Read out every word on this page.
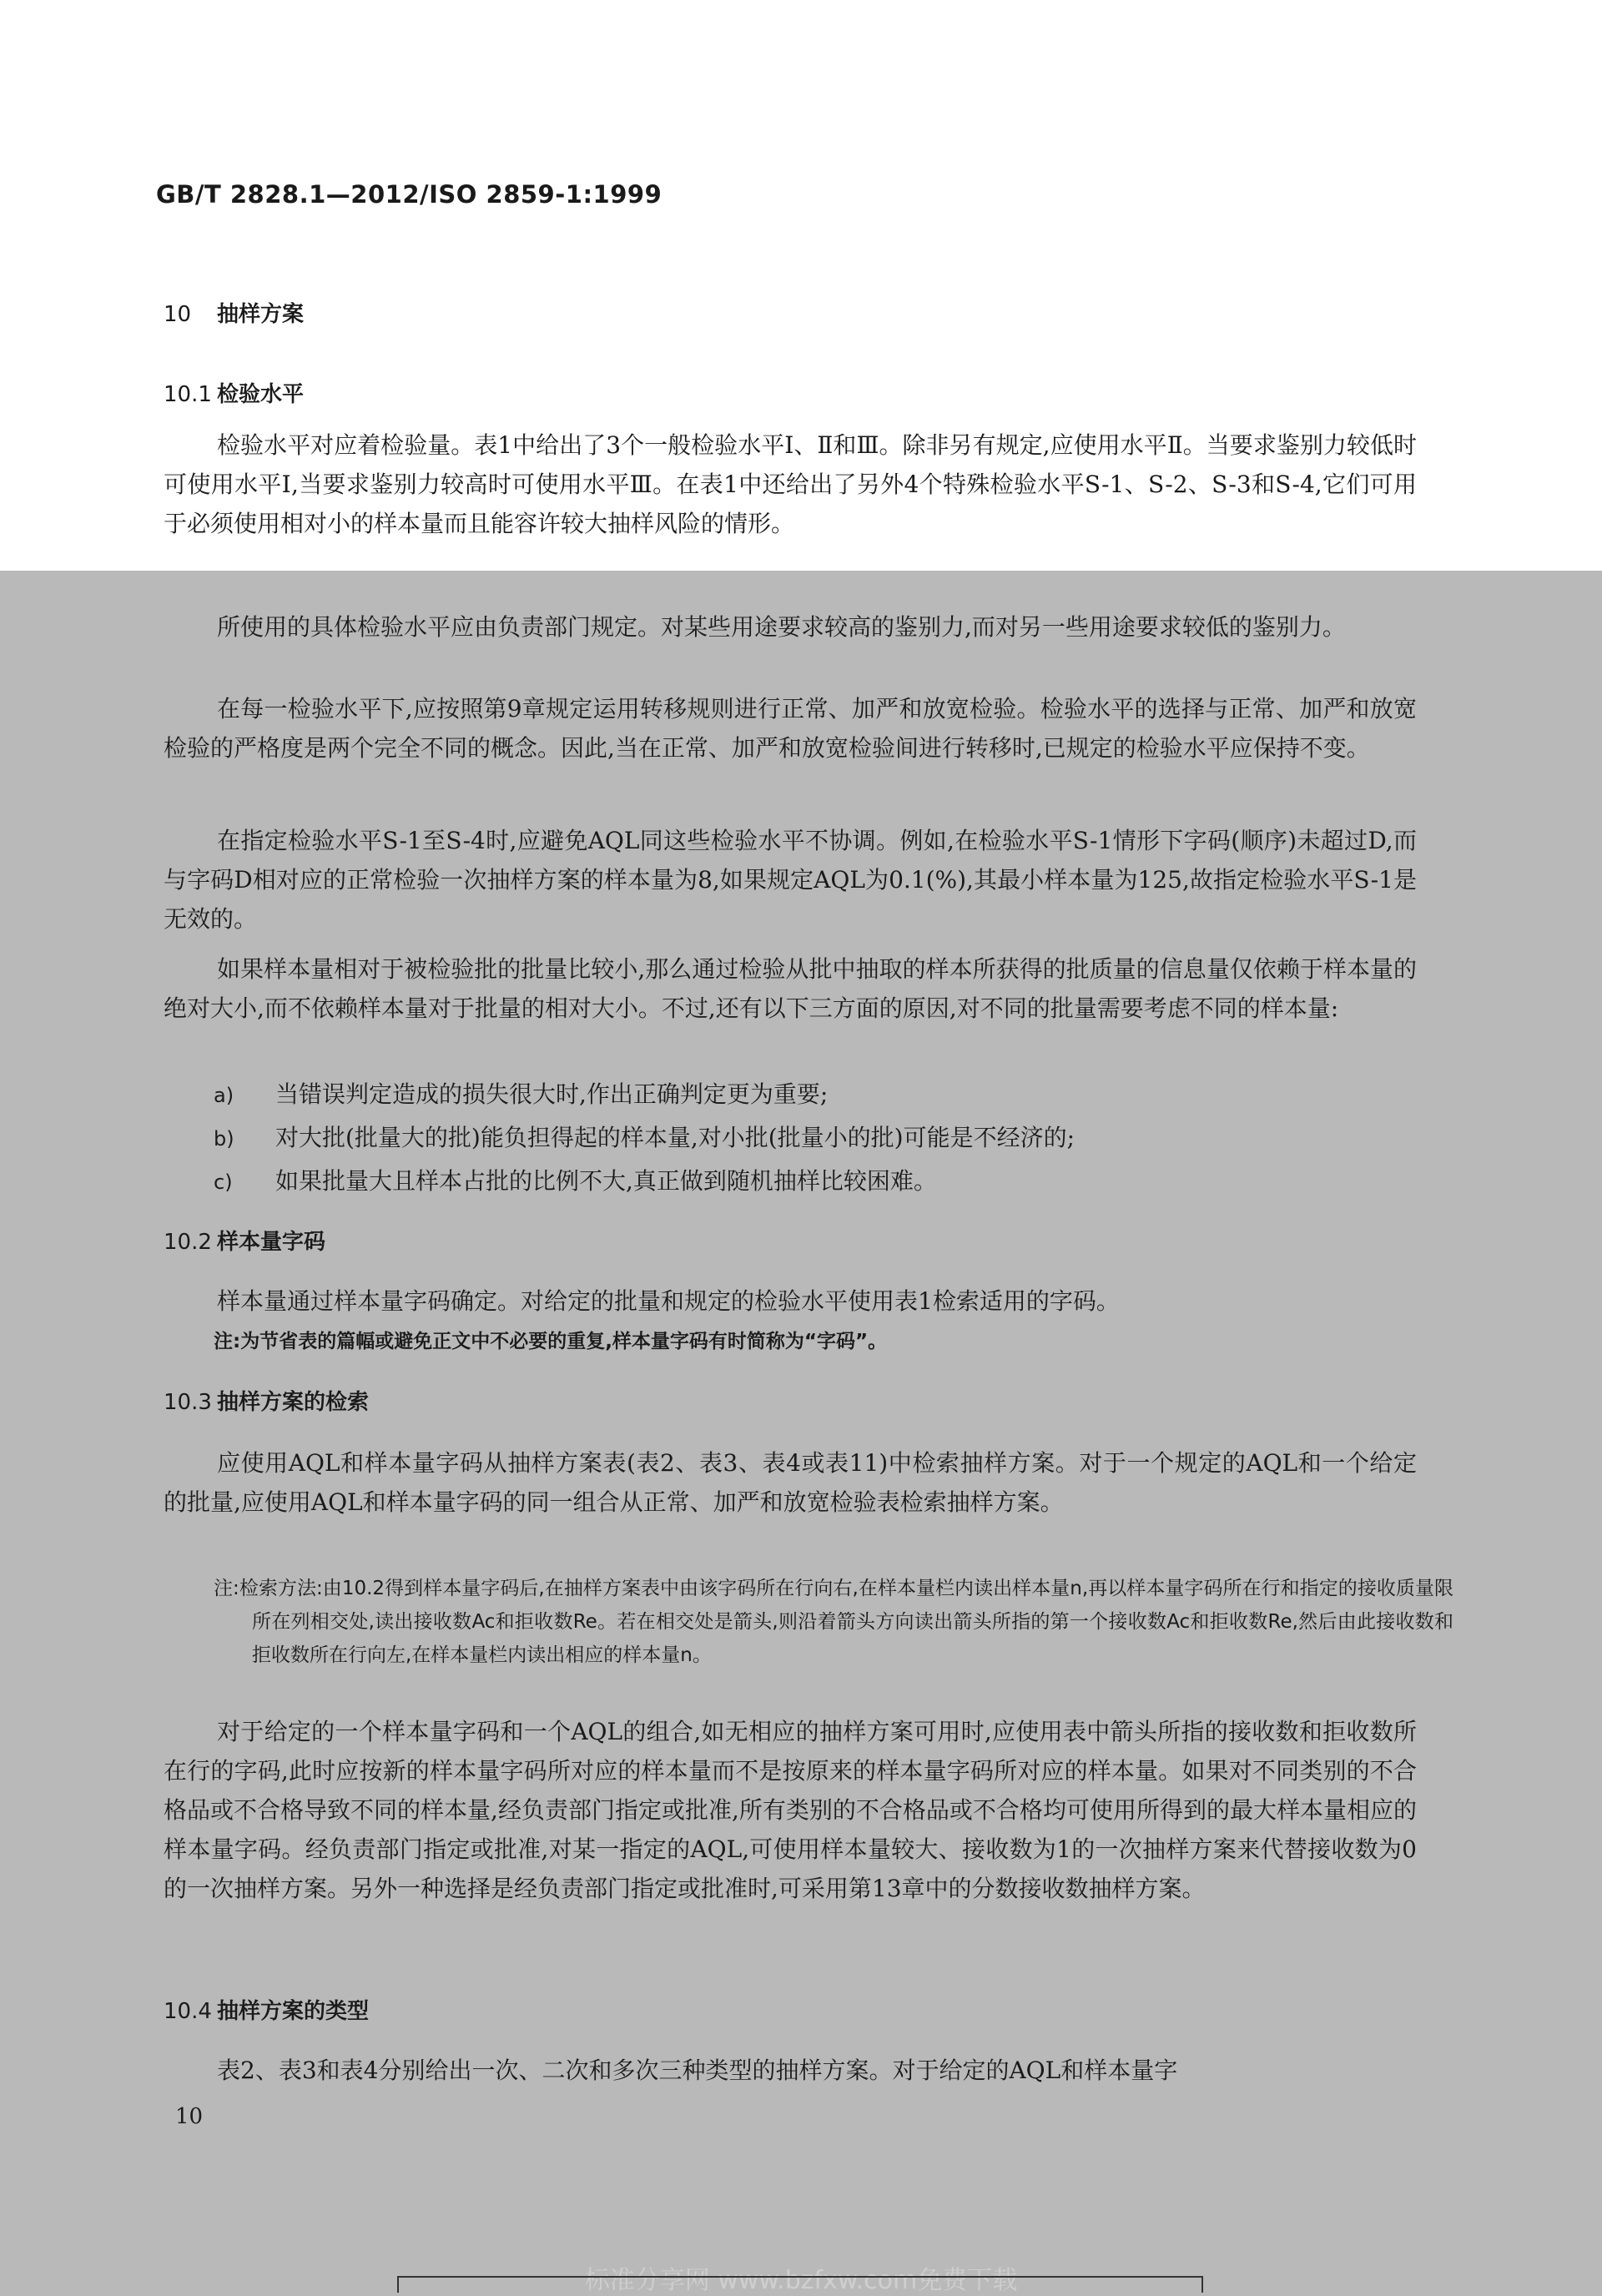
GB/T 2828.1—2012/ISO 2859-1:1999
10 抽样方案
10.1 检验水平

检验水平对应着检验量。表1中给出了3个一般检验水平Ⅰ、Ⅱ和Ⅲ。除非另有规定,应使用水平Ⅱ。当要求鉴别力较低时可使用水平Ⅰ,当要求鉴别力较高时可使用水平Ⅲ。在表1中还给出了另外4个特殊检验水平S-1、S-2、S-3和S-4,它们可用于必须使用相对小的样本量而且能容许较大抽样风险的情形。

所使用的具体检验水平应由负责部门规定。对某些用途要求较高的鉴别力,而对另一些用途要求较低的鉴别力。

在每一检验水平下,应按照第9章规定运用转移规则进行正常、加严和放宽检验。检验水平的选择与正常、加严和放宽检验的严格度是两个完全不同的概念。因此,当在正常、加严和放宽检验间进行转移时,已规定的检验水平应保持不变。

在指定检验水平S-1至S-4时,应避免AQL同这些检验水平不协调。例如,在检验水平S-1情形下字码(顺序)未超过D,而与字码D相对应的正常检验一次抽样方案的样本量为8,如果规定AQL为0.1(%),其最小样本量为125,故指定检验水平S-1是无效的。

如果样本量相对于被检验批的批量比较小,那么通过检验从批中抽取的样本所获得的批质量的信息量仅依赖于样本量的绝对大小,而不依赖样本量对于批量的相对大小。不过,还有以下三方面的原因,对不同的批量需要考虑不同的样本量:

a) 当错误判定造成的损失很大时,作出正确判定更为重要;

b) 对大批(批量大的批)能负担得起的样本量,对小批(批量小的批)可能是不经济的;

c) 如果批量大且样本占批的比例不大,真正做到随机抽样比较困难。

10.2 样本量字码

样本量通过样本量字码确定。对给定的批量和规定的检验水平使用表1检索适用的字码。

注:为节省表的篇幅或避免正文中不必要的重复,样本量字码有时简称为“字码”。

10.3 抽样方案的检索

应使用AQL和样本量字码从抽样方案表(表2、表3、表4或表11)中检索抽样方案。对于一个规定的AQL和一个给定的批量,应使用AQL和样本量字码的同一组合从正常、加严和放宽检验表检索抽样方案。

注:检索方法:由10.2得到样本量字码后,在抽样方案表中由该字码所在行向右,在样本量栏内读出样本量n,再以样本量字码所在行和指定的接收质量限所在列相交处,读出接收数Ac和拒收数Re。若在相交处是箭头,则沿着箭头方向读出箭头所指的第一个接收数Ac和拒收数Re,然后由此接收数和拒收数所在行向左,在样本量栏内读出相应的样本量n。

对于给定的一个样本量字码和一个AQL的组合,如无相应的抽样方案可用时,应使用表中箭头所指的接收数和拒收数所在行的字码,此时应按新的样本量字码所对应的样本量而不是按原来的样本量字码所对应的样本量。如果对不同类别的不合格品或不合格导致不同的样本量,经负责部门指定或批准,所有类别的不合格品或不合格均可使用所得到的最大样本量相应的样本量字码。经负责部门指定或批准,对某一指定的AQL,可使用样本量较大、接收数为1的一次抽样方案来代替接收数为0的一次抽样方案。另外一种选择是经负责部门指定或批准时,可采用第13章中的分数接收数抽样方案。

10.4 抽样方案的类型

表2、表3和表4分别给出一次、二次和多次三种类型的抽样方案。对于给定的AQL和样本量字

10
标准分享网 www.bzfxw.com免费下载
